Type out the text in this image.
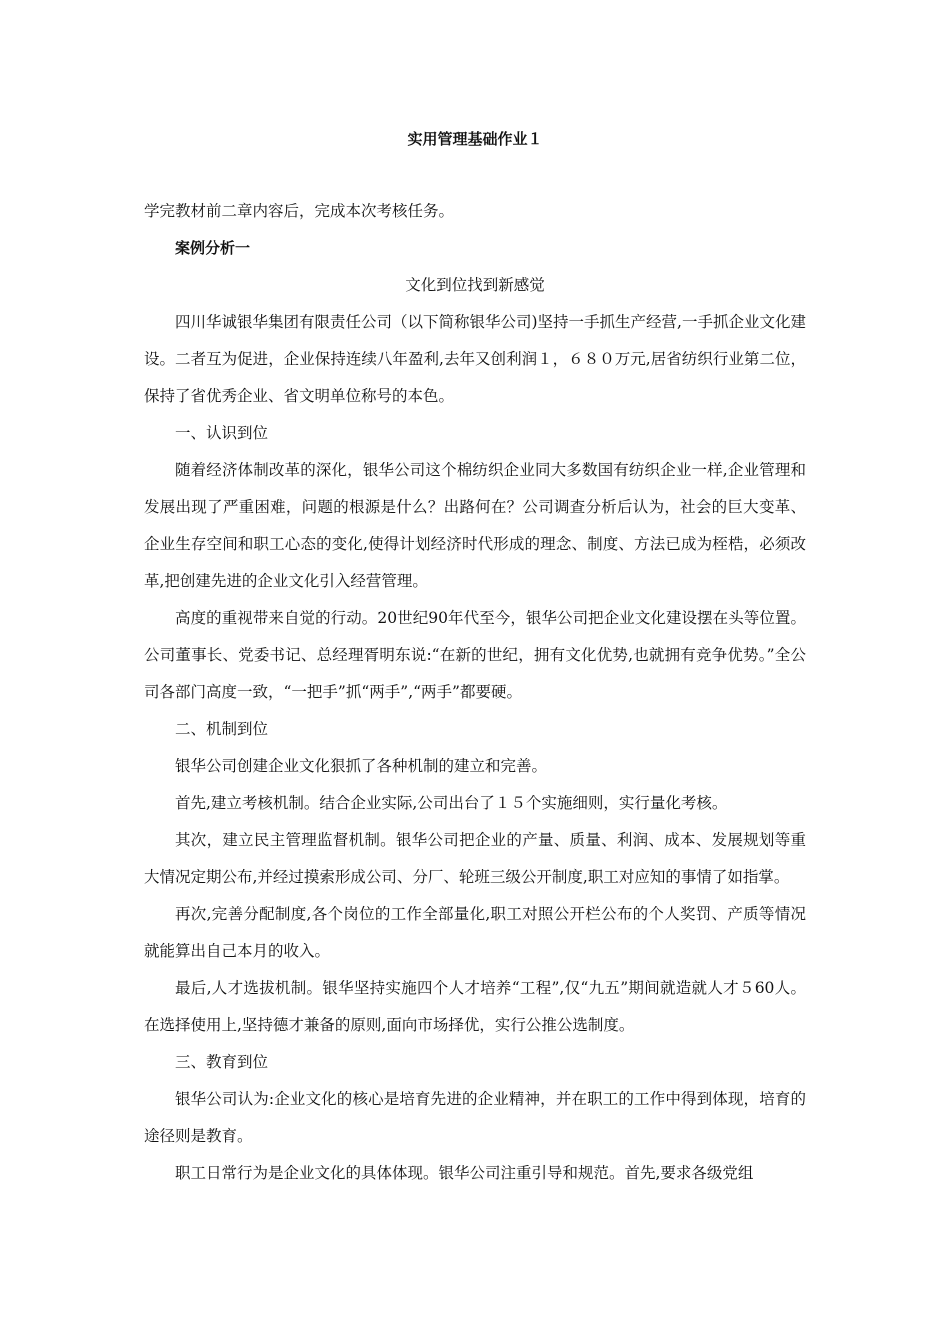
实用管理基础作业１

学完教材前二章内容后，完成本次考核任务。

案例分析一

文化到位找到新感觉

四川华诚银华集团有限责任公司（以下简称银华公司)坚持一手抓生产经营,一手抓企业文化建设。二者互为促进，企业保持连续八年盈利,去年又创利润１，６８０万元,居省纺织行业第二位，保持了省优秀企业、省文明单位称号的本色。

一、认识到位

随着经济体制改革的深化，银华公司这个棉纺织企业同大多数国有纺织企业一样,企业管理和发展出现了严重困难，问题的根源是什么？出路何在？公司调查分析后认为，社会的巨大变革、企业生存空间和职工心态的变化,使得计划经济时代形成的理念、制度、方法已成为桎梏，必须改革,把创建先进的企业文化引入经营管理。

高度的重视带来自觉的行动。20世纪90年代至今，银华公司把企业文化建设摆在头等位置。公司董事长、党委书记、总经理胥明东说:“在新的世纪，拥有文化优势,也就拥有竞争优势。”全公司各部门高度一致，“一把手”抓“两手”,“两手”都要硬。

二、机制到位

银华公司创建企业文化狠抓了各种机制的建立和完善。

首先,建立考核机制。结合企业实际,公司出台了１５个实施细则，实行量化考核。

其次，建立民主管理监督机制。银华公司把企业的产量、质量、利润、成本、发展规划等重大情况定期公布,并经过摸索形成公司、分厂、轮班三级公开制度,职工对应知的事情了如指掌。

再次,完善分配制度,各个岗位的工作全部量化,职工对照公开栏公布的个人奖罚、产质等情况就能算出自己本月的收入。

最后,人才选拔机制。银华坚持实施四个人才培养“工程”,仅“九五”期间就造就人才５60人。在选择使用上,坚持德才兼备的原则,面向市场择优，实行公推公选制度。

三、教育到位

银华公司认为:企业文化的核心是培育先进的企业精神，并在职工的工作中得到体现，培育的途径则是教育。

职工日常行为是企业文化的具体体现。银华公司注重引导和规范。首先,要求各级党组
